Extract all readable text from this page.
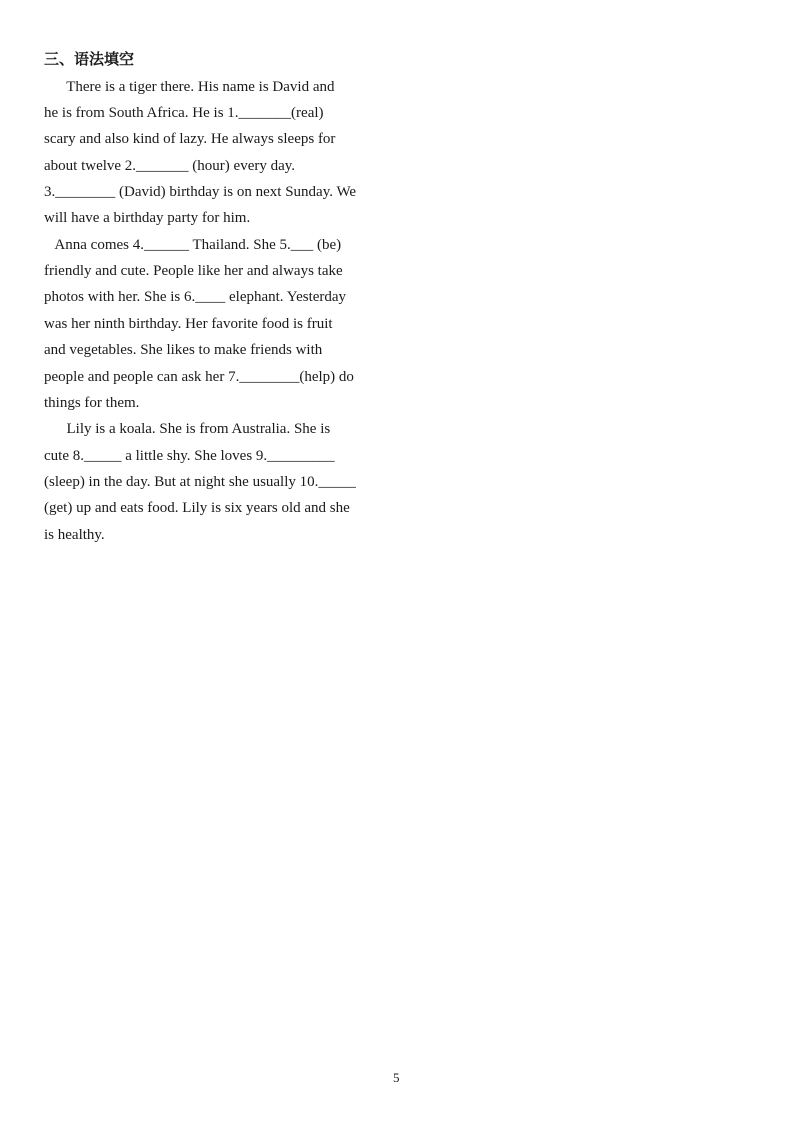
三、语法填空
There is a tiger there. His name is David and
he is from South Africa. He is 1._______(real)
scary and also kind of lazy. He always sleeps for
about twelve 2._______ (hour) every day.
3.________ (David) birthday is on next Sunday. We
will have a birthday party for him.
Anna comes 4.______ Thailand. She 5.___ (be)
friendly and cute. People like her and always take
photos with her. She is 6.____ elephant. Yesterday
was her ninth birthday. Her favorite food is fruit
and vegetables. She likes to make friends with
people and people can ask her 7.________(help) do
things for them.
Lily is a koala. She is from Australia. She is
cute 8._____ a little shy. She loves 9._________
(sleep) in the day. But at night she usually 10._____
(get) up and eats food. Lily is six years old and she
is healthy.
5
